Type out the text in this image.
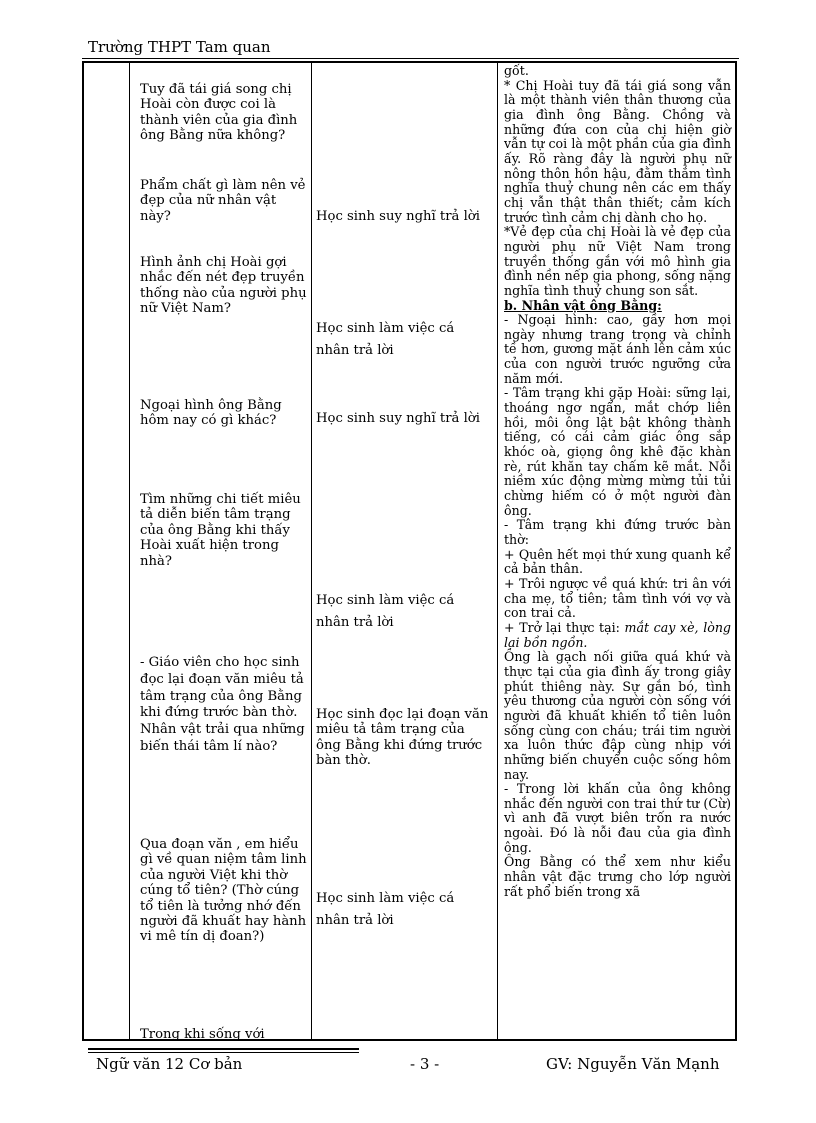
Trường THPT Tam quan

Tuy đã tái giá song chị Hoài còn được coi là thành viên của gia đình ông Bằng nữa không?

Phẩm chất gì làm nên vẻ đẹp của nữ nhân vật này?

Hình ảnh chị Hoài gợi nhắc đến nét đẹp truyền thống nào của người phụ nữ Việt Nam?

Ngoại hình ông Bằng hôm nay có gì khác?

Tìm những chi tiết miêu tả diễn biến tâm trạng của ông Bằng khi thấy Hoài xuất hiện trong nhà?

- Giáo viên cho học sinh đọc lại đoạn văn miêu tả tâm trạng của ông Bằng khi đứng trước bàn thờ. Nhân vật trải qua những biến thái tâm lí nào?

Qua đoạn văn , em hiểu gì về quan niệm tâm linh của người Việt khi thờ cúng tổ tiên? (Thờ cúng tổ tiên là tưởng nhớ đến người đã khuất hay hành vi mê tín dị đoan?)

Trong khi sống với

Học sinh suy nghĩ trả lời

Học sinh làm việc cá nhân trả lời

Học sinh suy nghĩ trả lời

Học sinh làm việc cá nhân trả lời

Học sinh đọc lại đoạn văn miêu tả tâm trạng của ông Bằng khi đứng trước bàn thờ.

Học sinh làm việc cá nhân trả lời

gốt.

* Chị Hoài tuy đã tái giá song vẫn là một thành viên thân thương của gia đình ông Bằng. Chồng và những đứa con của chị hiện giờ vẫn tự coi là một phần của gia đình ấy. Rõ ràng đây là người phụ nữ nông thôn hồn hậu, đằm thắm tình nghĩa thuỷ chung nên các em thấy chị vẫn thật thân thiết; cảm kích trước tình cảm chị dành cho họ.

*Vẻ đẹp của chị Hoài là vẻ đẹp của người phụ nữ Việt Nam trong truyền thống gắn với mô hình gia đình nền nếp gia phong, sống nặng nghĩa tình thuỷ chung son sắt.

b. Nhân vật ông Bằng:

- Ngoại hình: cao, gầy hơn mọi ngày nhưng trang trọng và chỉnh tề hơn, gương mặt ánh lên cảm xúc của con người trước ngưỡng cửa năm mới.

- Tâm trạng khi gặp Hoài: sững lại, thoáng ngơ ngẩn, mắt chớp liên hồi, môi ông lật bật không thành tiếng, có cái cảm giác ông sắp khóc oà, giọng ông khê đặc khàn rè, rút khăn tay chấm kẽ mắt. Nỗi niềm xúc động mừng mừng tủi tủi chừng hiếm có ở một người đàn ông.

- Tâm trạng khi đứng trước bàn thờ:

+ Quên hết mọi thứ xung quanh kể cả bản thân.

+ Trôi ngược về quá khứ: tri ân với cha mẹ, tổ tiên; tâm tình với vợ và con trai cả.

+ Trở lại thực tại: mắt cay xè, lòng lại bồn ngồn.

Ông là gạch nối giữa quá khứ và thực tại của gia đình ấy trong giây phút thiêng này. Sự gắn bó, tình yêu thương của người còn sống với người đã khuất khiến tổ tiên luôn sống cùng con cháu; trái tim người xa luôn thức đập cùng nhịp với những biến chuyển cuộc sống hôm nay.

- Trong lời khấn của ông không nhắc đến người con trai thứ tư (Cừ) vì anh đã vượt biên trốn ra nước ngoài. Đó là nỗi đau của gia đình ông.

Ông Bằng có thể xem như kiểu nhân vật đặc trưng cho lớp người rất phổ biến trong xã

Ngữ văn 12 Cơ bản	- 3 -	GV: Nguyễn Văn Mạnh
